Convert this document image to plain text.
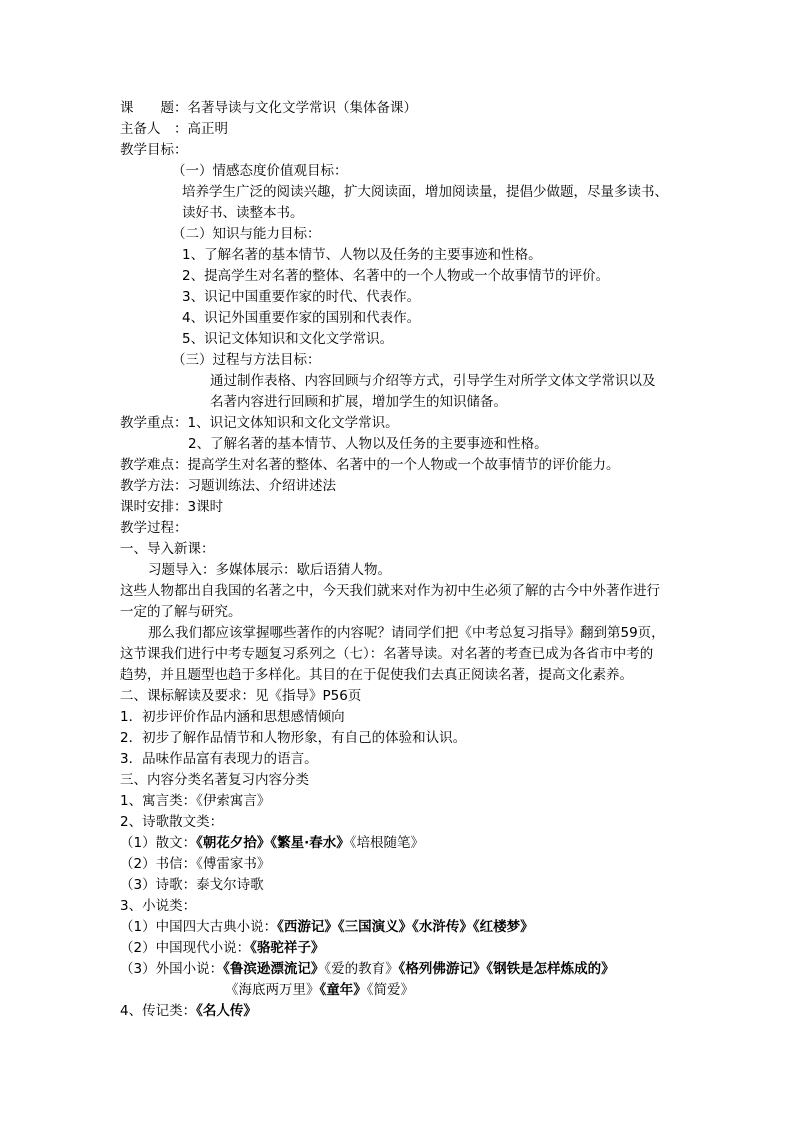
课　　题：名著导读与文化文学常识（集体备课）
主备人　：高正明
教学目标：
（一）情感态度价值观目标：
培养学生广泛的阅读兴趣，扩大阅读面，增加阅读量，提倡少做题，尽量多读书、
读好书、读整本书。
（二）知识与能力目标：
1、了解名著的基本情节、人物以及任务的主要事迹和性格。
2、提高学生对名著的整体、名著中的一个人物或一个故事情节的评价。
3、识记中国重要作家的时代、代表作。
4、识记外国重要作家的国别和代表作。
5、识记文体知识和文化文学常识。
（三）过程与方法目标：
通过制作表格、内容回顾与介绍等方式，引导学生对所学文体文学常识以及
名著内容进行回顾和扩展，增加学生的知识储备。
教学重点：1、识记文体知识和文化文学常识。
2、了解名著的基本情节、人物以及任务的主要事迹和性格。
教学难点：提高学生对名著的整体、名著中的一个人物或一个故事情节的评价能力。
教学方法：习题训练法、介绍讲述法
课时安排：3课时
教学过程：
一、导入新课：
习题导入：多媒体展示：歇后语猜人物。
这些人物都出自我国的名著之中，今天我们就来对作为初中生必须了解的古今中外著作进行
一定的了解与研究。
那么我们都应该掌握哪些著作的内容呢？请同学们把《中考总复习指导》翻到第59页，
这节课我们进行中考专题复习系列之（七）：名著导读。对名著的考查已成为各省市中考的
趋势，并且题型也趋于多样化。其目的在于促使我们去真正阅读名著，提高文化素养。
二、课标解读及要求：见《指导》P56页
1．初步评价作品内涵和思想感情倾向
2．初步了解作品情节和人物形象，有自己的体验和认识。
3．品味作品富有表现力的语言。
三、内容分类名著复习内容分类
1、寓言类：《伊索寓言》
2、诗歌散文类：
（1）散文：《朝花夕拾》《繁星·春水》《培根随笔》
（2）书信：《傅雷家书》
（3）诗歌：泰戈尔诗歌
3、小说类：
（1）中国四大古典小说：《西游记》《三国演义》《水浒传》《红楼梦》
（2）中国现代小说：《骆驼祥子》
（3）外国小说：《鲁滨逊漂流记》《爱的教育》《格列佛游记》《钢铁是怎样炼成的》
《海底两万里》《童年》《简爱》
4、传记类：《名人传》
